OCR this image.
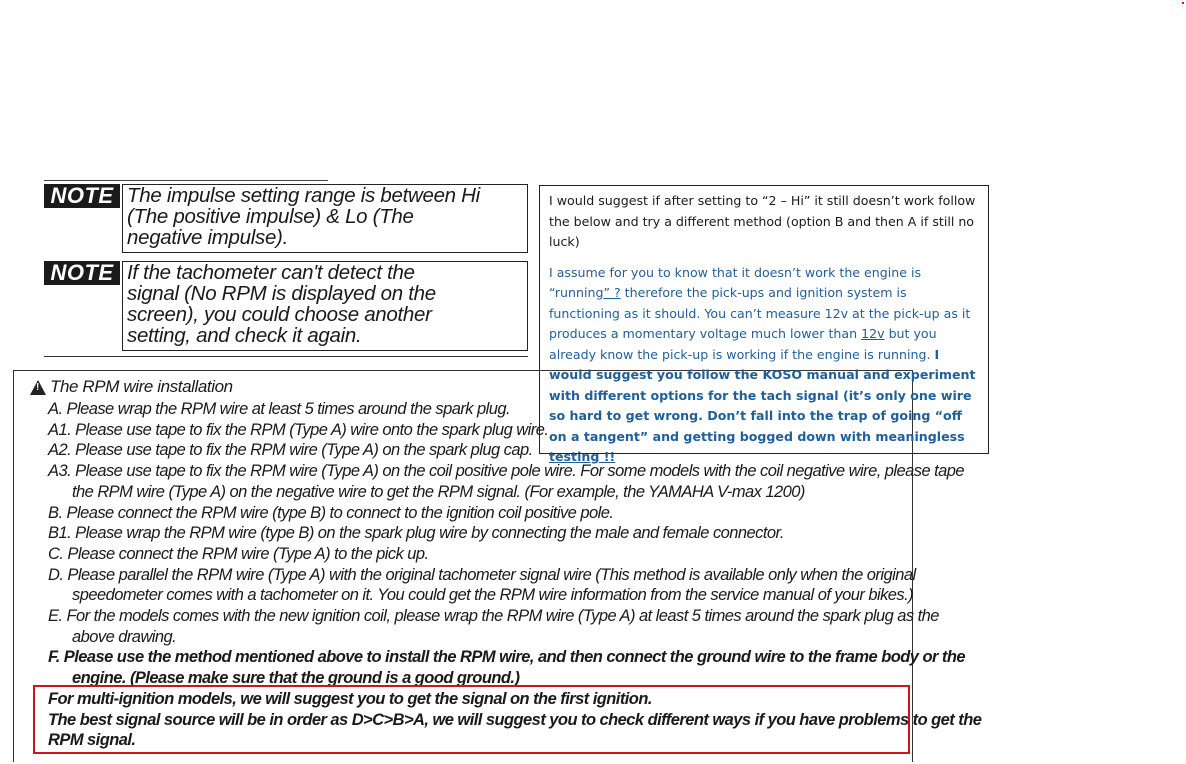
NOTE The impulse setting range is between Hi
(The positive impulse) & Lo (The
negative impulse).
NOTE If the tachometer can't detect the
signal (No RPM is displayed on the
screen), you could choose another
setting, and check it again.
!
The RPM wire installation
A. Please wrap the RPM wire at least 5 times around the spark plug.
A1. Please use tape to fix the RPM (Type A) wire onto the spark plug wire.
A2. Please use tape to fix the RPM wire (Type A) on the spark plug cap.
A3. Please use tape to fix the RPM wire (Type A) on the coil positive pole wire. For some models with the coil negative wire, please tape
the RPM wire (Type A) on the negative wire to get the RPM signal. (For example, the YAMAHA V-max 1200)
B. Please connect the RPM wire (type B) to connect to the ignition coil positive pole.
B1. Please wrap the RPM wire (type B) on the spark plug wire by connecting the male and female connector.
C. Please connect the RPM wire (Type A) to the pick up.
D. Please parallel the RPM wire (Type A) with the original tachometer signal wire (This method is available only when the original
speedometer comes with a tachometer on it. You could get the RPM wire information from the service manual of your bikes.)
E. For the models comes with the new ignition coil, please wrap the RPM wire (Type A) at least 5 times around the spark plug as the
above drawing.
F. Please use the method mentioned above to install the RPM wire, and then connect the ground wire to the frame body or the
engine. (Please make sure that the ground is a good ground.)
For multi-ignition models, we will suggest you to get the signal on the first ignition.
The best signal source will be in order as D>C>B>A, we will suggest you to check different ways if you have problems to get the
RPM signal.

I would suggest if after setting to “2 – Hi” it still doesn’t work follow the below and try a different method (option B and then A if still no luck)

I assume for you to know that it doesn’t work the engine is “running” ? therefore the pick-ups and ignition system is functioning as it should. You can’t measure 12v at the pick-up as it produces a momentary voltage much lower than 12v but you already know the pick-up is working if the engine is running. I would suggest you follow the KOSO manual and experiment with different options for the tach signal (it’s only one wire so hard to get wrong. Don’t fall into the trap of going “off on a tangent” and getting bogged down with meaningless testing !!
